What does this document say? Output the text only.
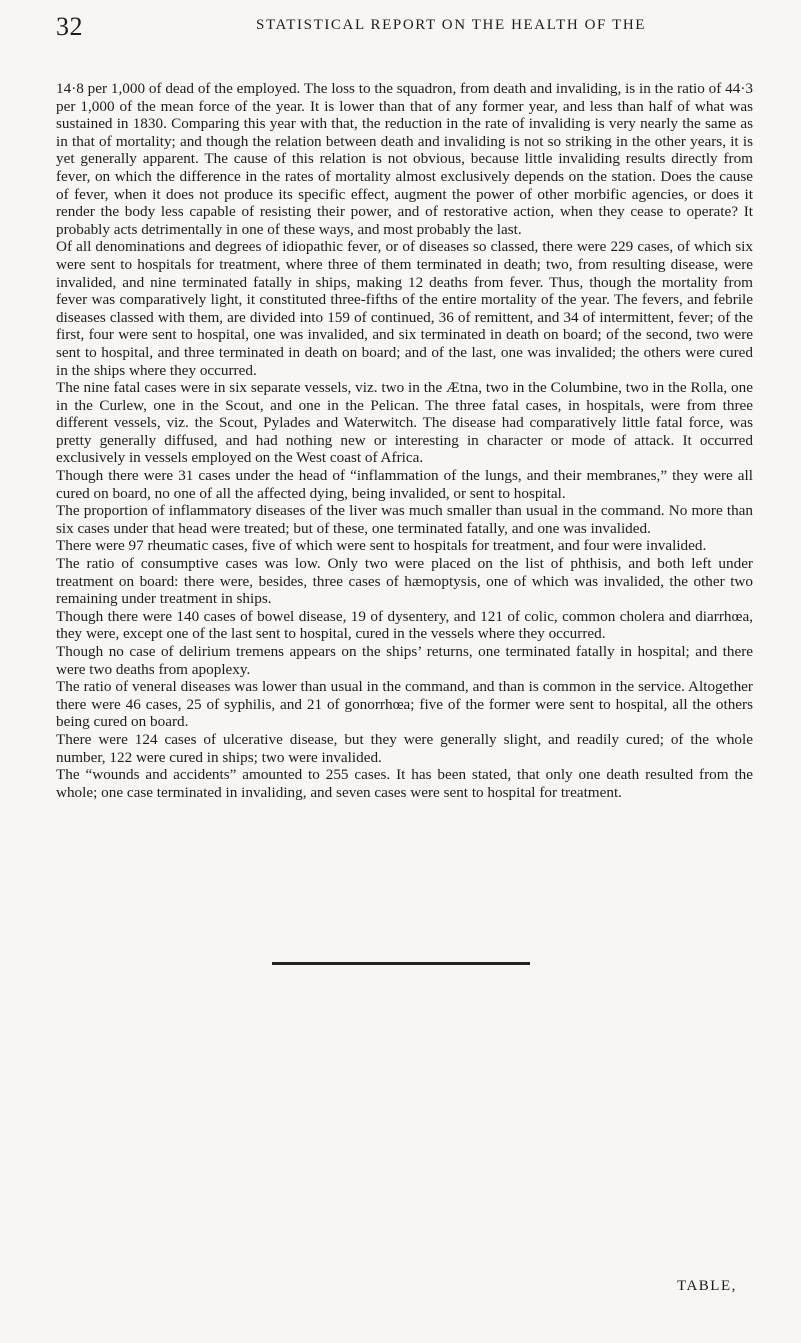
32	STATISTICAL REPORT ON THE HEALTH OF THE

14·8 per 1,000 of dead of the employed. The loss to the squadron, from death and invaliding, is in the ratio of 44·3 per 1,000 of the mean force of the year. It is lower than that of any former year, and less than half of what was sustained in 1830. Comparing this year with that, the reduction in the rate of invaliding is very nearly the same as in that of mortality; and though the relation between death and invaliding is not so striking in the other years, it is yet generally apparent. The cause of this relation is not obvious, because little invaliding results directly from fever, on which the difference in the rates of mortality almost exclusively depends on the station. Does the cause of fever, when it does not produce its specific effect, augment the power of other morbific agencies, or does it render the body less capable of resisting their power, and of restorative action, when they cease to operate? It probably acts detrimentally in one of these ways, and most probably the last.

Of all denominations and degrees of idiopathic fever, or of diseases so classed, there were 229 cases, of which six were sent to hospitals for treatment, where three of them terminated in death; two, from resulting disease, were invalided, and nine terminated fatally in ships, making 12 deaths from fever. Thus, though the mortality from fever was comparatively light, it constituted three-fifths of the entire mortality of the year. The fevers, and febrile diseases classed with them, are divided into 159 of continued, 36 of remittent, and 34 of intermittent, fever; of the first, four were sent to hospital, one was invalided, and six terminated in death on board; of the second, two were sent to hospital, and three terminated in death on board; and of the last, one was invalided; the others were cured in the ships where they occurred.

The nine fatal cases were in six separate vessels, viz. two in the Ætna, two in the Columbine, two in the Rolla, one in the Curlew, one in the Scout, and one in the Pelican. The three fatal cases, in hospitals, were from three different vessels, viz. the Scout, Pylades and Waterwitch. The disease had comparatively little fatal force, was pretty generally diffused, and had nothing new or interesting in character or mode of attack. It occurred exclusively in vessels employed on the West coast of Africa.

Though there were 31 cases under the head of “inflammation of the lungs, and their membranes,” they were all cured on board, no one of all the affected dying, being invalided, or sent to hospital.

The proportion of inflammatory diseases of the liver was much smaller than usual in the command. No more than six cases under that head were treated; but of these, one terminated fatally, and one was invalided.

There were 97 rheumatic cases, five of which were sent to hospitals for treatment, and four were invalided.

The ratio of consumptive cases was low. Only two were placed on the list of phthisis, and both left under treatment on board: there were, besides, three cases of hæmoptysis, one of which was invalided, the other two remaining under treatment in ships.

Though there were 140 cases of bowel disease, 19 of dysentery, and 121 of colic, common cholera and diarrhœa, they were, except one of the last sent to hospital, cured in the vessels where they occurred.

Though no case of delirium tremens appears on the ships’ returns, one terminated fatally in hospital; and there were two deaths from apoplexy.

The ratio of veneral diseases was lower than usual in the command, and than is common in the service. Altogether there were 46 cases, 25 of syphilis, and 21 of gonorrhœa; five of the former were sent to hospital, all the others being cured on board.

There were 124 cases of ulcerative disease, but they were generally slight, and readily cured; of the whole number, 122 were cured in ships; two were invalided.

The “wounds and accidents” amounted to 255 cases. It has been stated, that only one death resulted from the whole; one case terminated in invaliding, and seven cases were sent to hospital for treatment.

TABLE,
